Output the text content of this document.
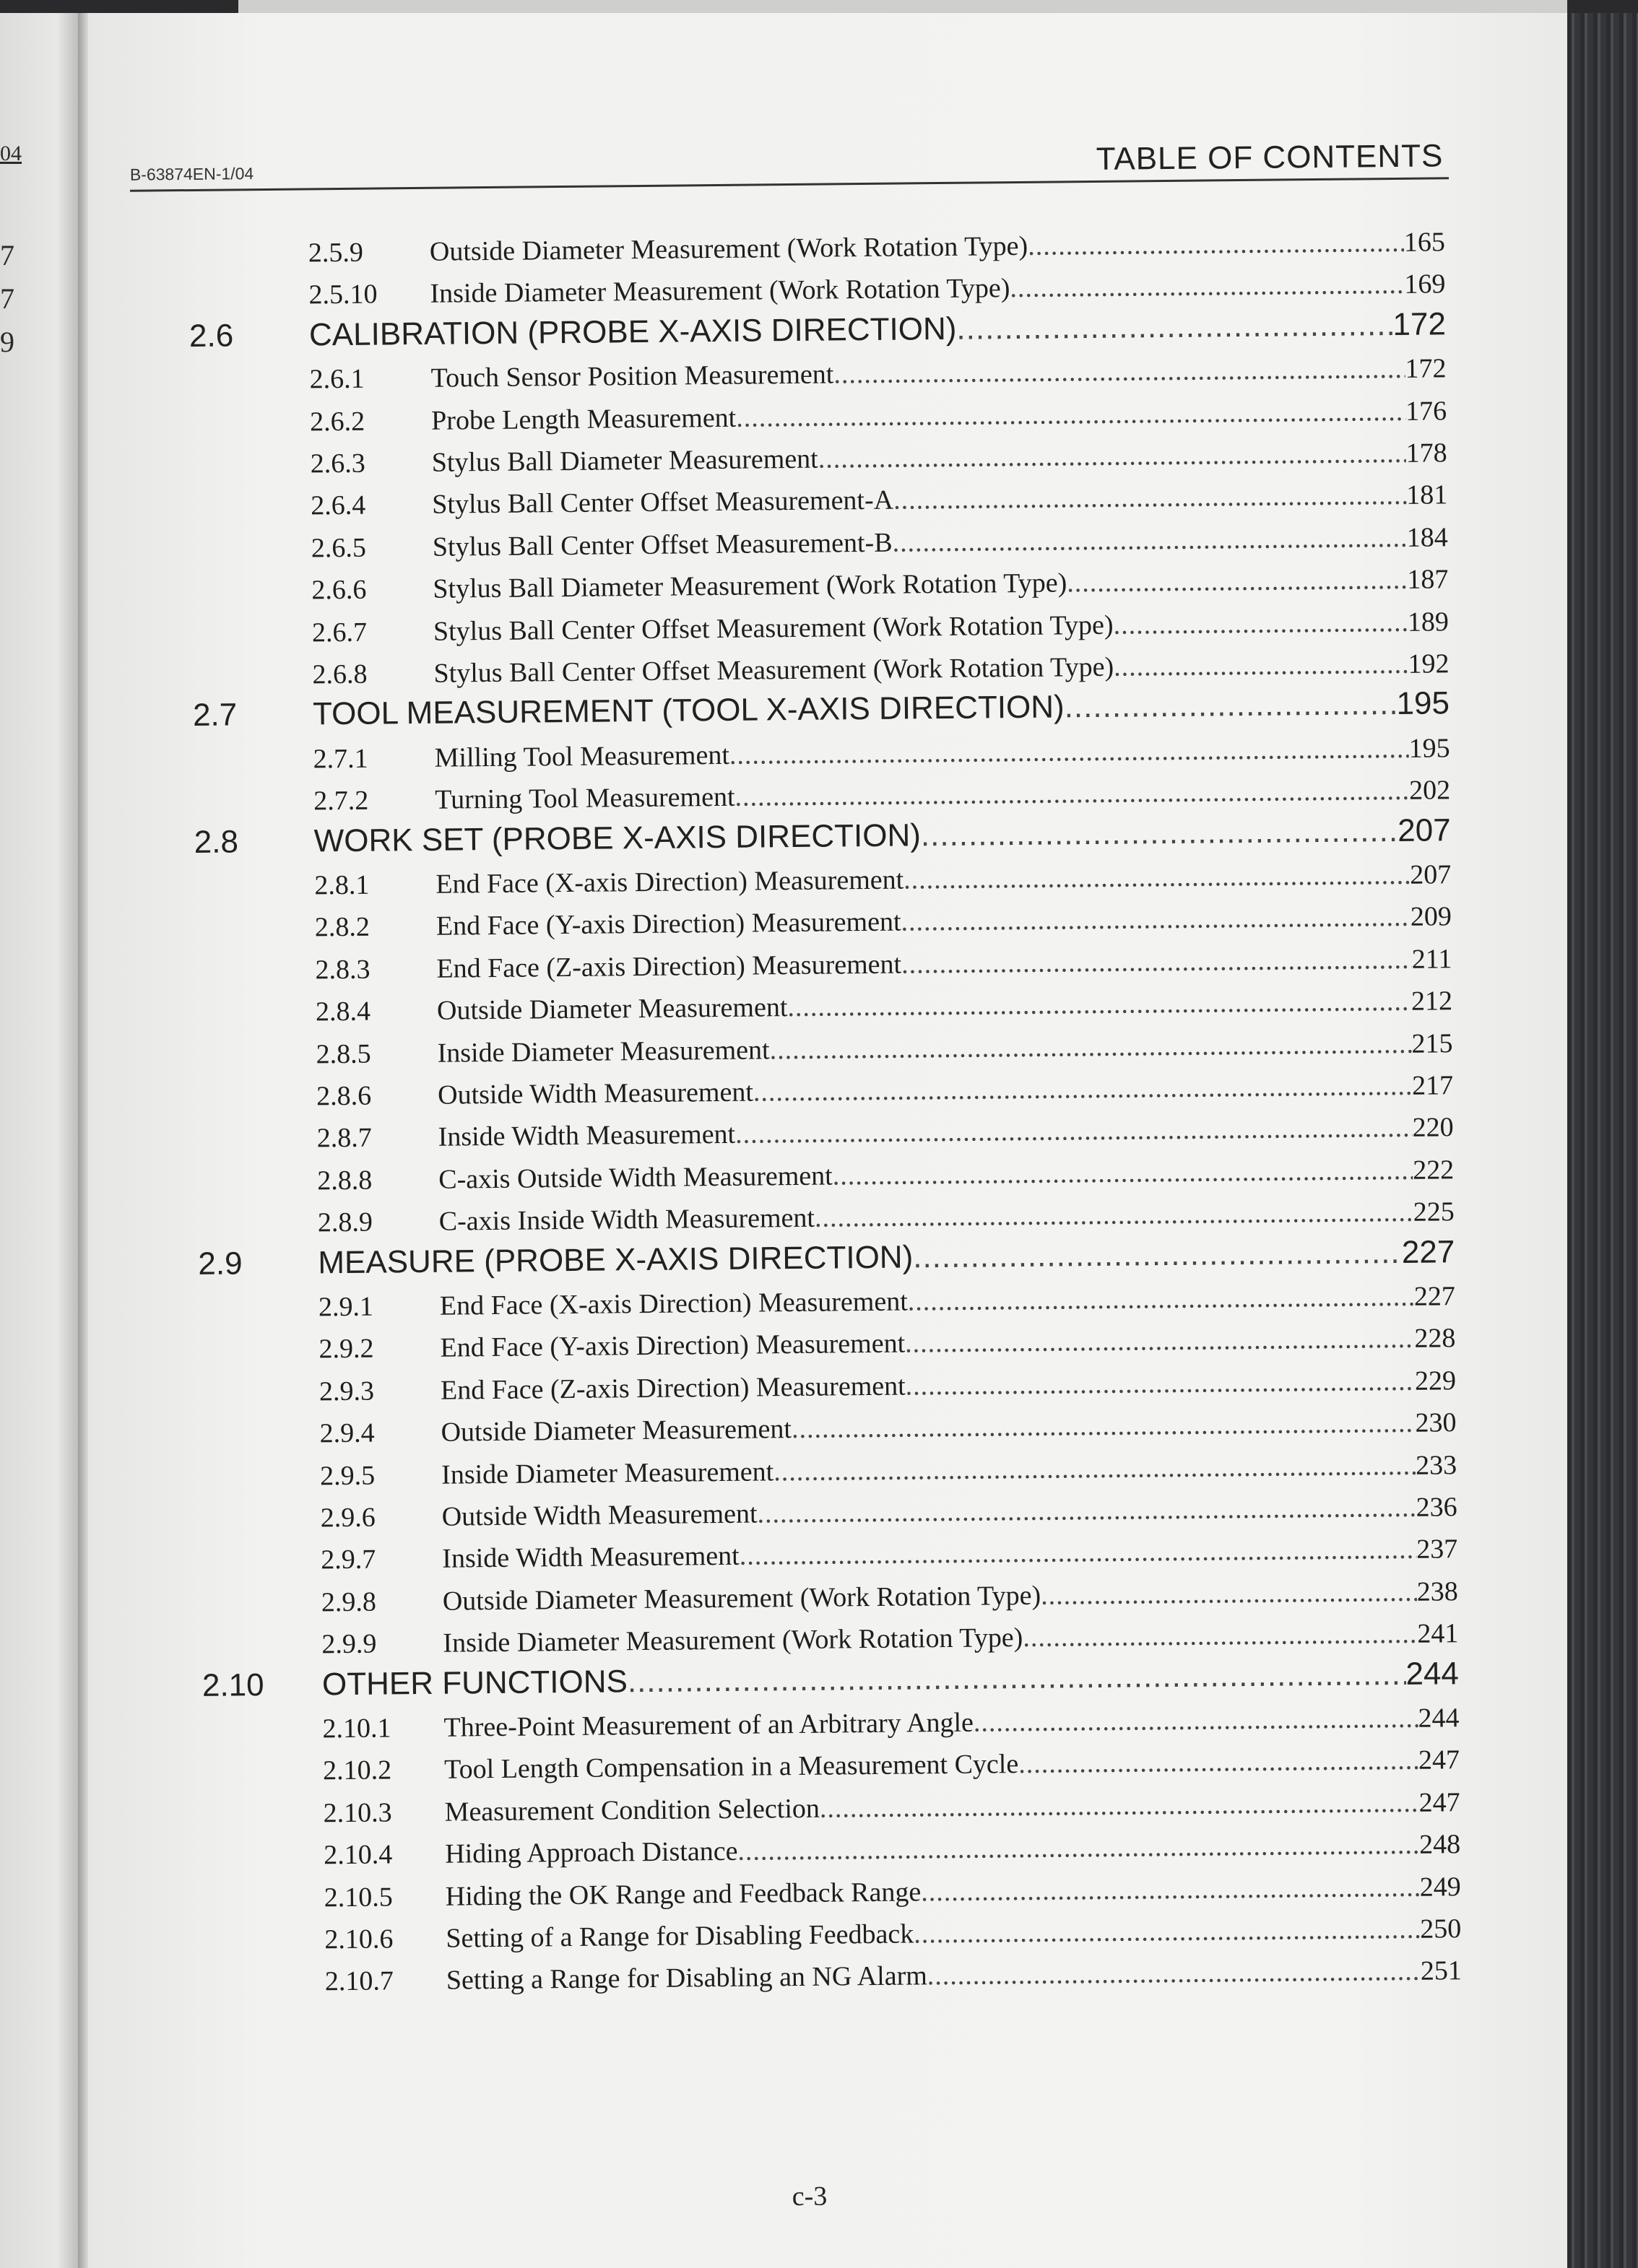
04
7
7
9
B-63874EN-1/04	TABLE OF CONTENTS
2.5.9	Outside Diameter Measurement (Work Rotation Type) .....	165
2.5.10	Inside Diameter Measurement (Work Rotation Type) .....	169
2.6	CALIBRATION (PROBE X-AXIS DIRECTION) .....	172
2.6.1	Touch Sensor Position Measurement .....	172
2.6.2	Probe Length Measurement .....	176
2.6.3	Stylus Ball Diameter Measurement .....	178
2.6.4	Stylus Ball Center Offset Measurement-A .....	181
2.6.5	Stylus Ball Center Offset Measurement-B .....	184
2.6.6	Stylus Ball Diameter Measurement (Work Rotation Type) .....	187
2.6.7	Stylus Ball Center Offset Measurement (Work Rotation Type) .....	189
2.6.8	Stylus Ball Center Offset Measurement (Work Rotation Type) .....	192
2.7	TOOL MEASUREMENT (TOOL X-AXIS DIRECTION) .....	195
2.7.1	Milling Tool Measurement .....	195
2.7.2	Turning Tool Measurement .....	202
2.8	WORK SET (PROBE X-AXIS DIRECTION) .....	207
2.8.1	End Face (X-axis Direction) Measurement .....	207
2.8.2	End Face (Y-axis Direction) Measurement .....	209
2.8.3	End Face (Z-axis Direction) Measurement .....	211
2.8.4	Outside Diameter Measurement .....	212
2.8.5	Inside Diameter Measurement .....	215
2.8.6	Outside Width Measurement .....	217
2.8.7	Inside Width Measurement .....	220
2.8.8	C-axis Outside Width Measurement .....	222
2.8.9	C-axis Inside Width Measurement .....	225
2.9	MEASURE (PROBE X-AXIS DIRECTION) .....	227
2.9.1	End Face (X-axis Direction) Measurement .....	227
2.9.2	End Face (Y-axis Direction) Measurement .....	228
2.9.3	End Face (Z-axis Direction) Measurement .....	229
2.9.4	Outside Diameter Measurement .....	230
2.9.5	Inside Diameter Measurement .....	233
2.9.6	Outside Width Measurement .....	236
2.9.7	Inside Width Measurement .....	237
2.9.8	Outside Diameter Measurement (Work Rotation Type) .....	238
2.9.9	Inside Diameter Measurement (Work Rotation Type) .....	241
2.10	OTHER FUNCTIONS .....	244
2.10.1	Three-Point Measurement of an Arbitrary Angle .....	244
2.10.2	Tool Length Compensation in a Measurement Cycle .....	247
2.10.3	Measurement Condition Selection .....	247
2.10.4	Hiding Approach Distance .....	248
2.10.5	Hiding the OK Range and Feedback Range .....	249
2.10.6	Setting of a Range for Disabling Feedback .....	250
2.10.7	Setting a Range for Disabling an NG Alarm .....	251
c-3
